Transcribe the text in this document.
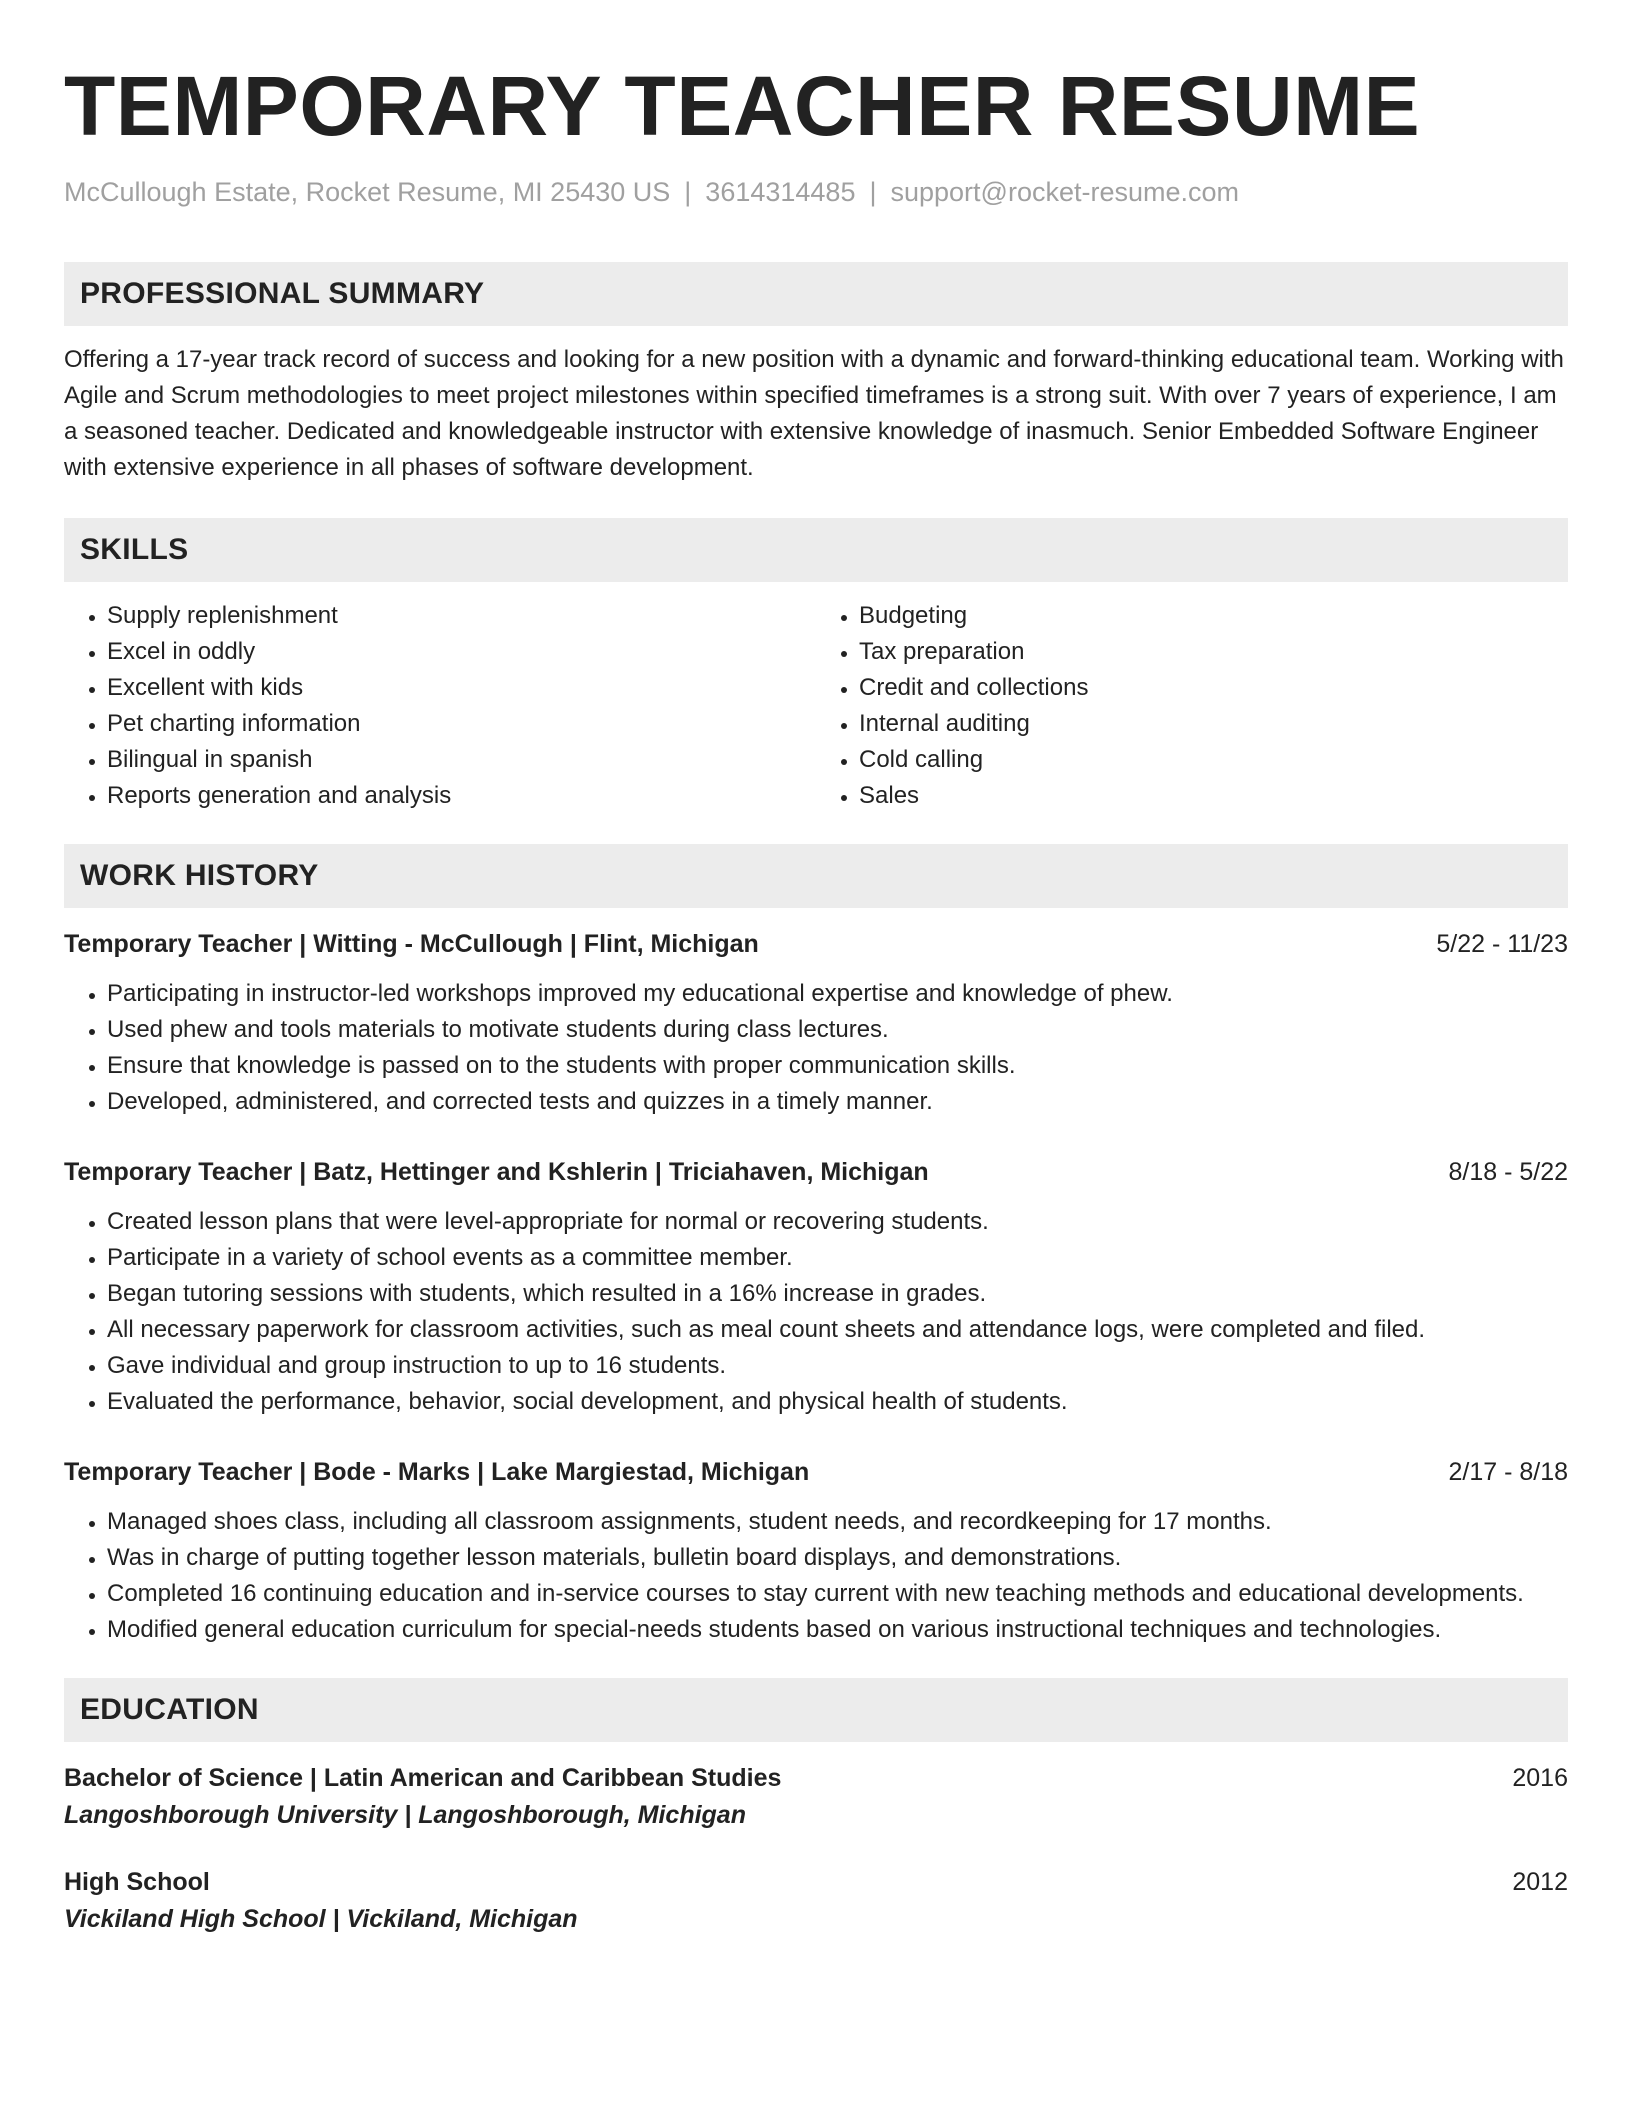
TEMPORARY TEACHER RESUME
McCullough Estate, Rocket Resume, MI 25430 US | 3614314485 | support@rocket-resume.com
PROFESSIONAL SUMMARY

Offering a 17-year track record of success and looking for a new position with a dynamic and forward-thinking educational team. Working with Agile and Scrum methodologies to meet project milestones within specified timeframes is a strong suit. With over 7 years of experience, I am a seasoned teacher. Dedicated and knowledgeable instructor with extensive knowledge of inasmuch. Senior Embedded Software Engineer with extensive experience in all phases of software development.

SKILLS
• Supply replenishment
• Excel in oddly
• Excellent with kids
• Pet charting information
• Bilingual in spanish
• Reports generation and analysis
• Budgeting
• Tax preparation
• Credit and collections
• Internal auditing
• Cold calling
• Sales
WORK HISTORY
Temporary Teacher | Witting - McCullough | Flint, Michigan	5/22 - 11/23
• Participating in instructor-led workshops improved my educational expertise and knowledge of phew.
• Used phew and tools materials to motivate students during class lectures.
• Ensure that knowledge is passed on to the students with proper communication skills.
• Developed, administered, and corrected tests and quizzes in a timely manner.
Temporary Teacher | Batz, Hettinger and Kshlerin | Triciahaven, Michigan	8/18 - 5/22
• Created lesson plans that were level-appropriate for normal or recovering students.
• Participate in a variety of school events as a committee member.
• Began tutoring sessions with students, which resulted in a 16% increase in grades.
• All necessary paperwork for classroom activities, such as meal count sheets and attendance logs, were completed and filed.
• Gave individual and group instruction to up to 16 students.
• Evaluated the performance, behavior, social development, and physical health of students.
Temporary Teacher | Bode - Marks | Lake Margiestad, Michigan	2/17 - 8/18
• Managed shoes class, including all classroom assignments, student needs, and recordkeeping for 17 months.
• Was in charge of putting together lesson materials, bulletin board displays, and demonstrations.
• Completed 16 continuing education and in-service courses to stay current with new teaching methods and educational developments.
• Modified general education curriculum for special-needs students based on various instructional techniques and technologies.
EDUCATION
Bachelor of Science | Latin American and Caribbean Studies	2016
Langoshborough University | Langoshborough, Michigan
High School	2012
Vickiland High School | Vickiland, Michigan
